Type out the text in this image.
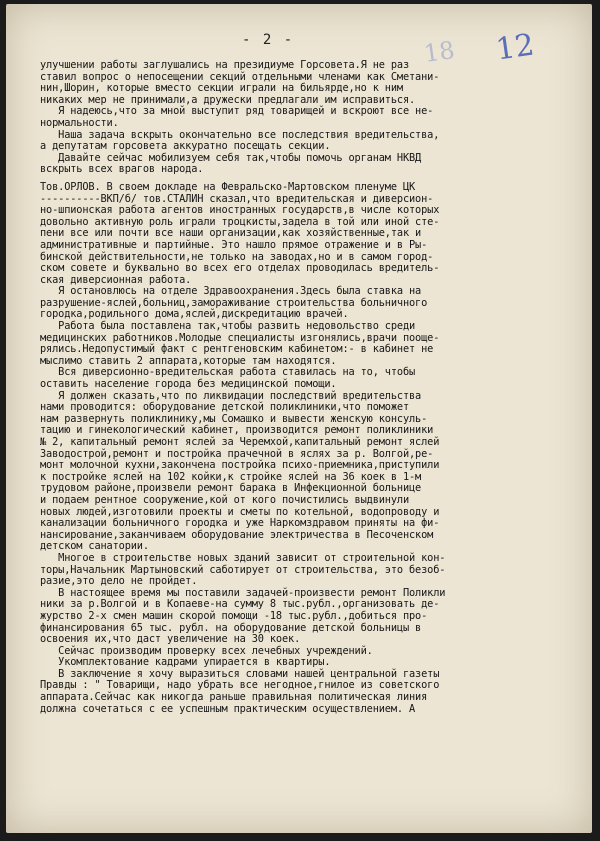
- 2 -	18 12
улучшении работы заглушались на президиуме Горсовета.Я не раз
ставил вопрос о непосещении секций отдельными членами как Сметани-
нин,Шорин, которые вместо секции играли на бильярде,но к ним
никаких мер не принимали,а дружески предлагали им исправиться.
Я надеюсь,что за мной выступит ряд товарищей и вскроют все не-
нормальности.
Наша задача вскрыть окончательно все последствия вредительства,
а депутатам горсовета аккуратно посещать секции.
Давайте сейчас мобилизуем себя так,чтобы помочь органам НКВД
вскрыть всех врагов народа.
Тов.ОРЛОВ. В своем докладе на Февральско-Мартовском пленуме ЦК
----------ВКП/б/ тов.СТАЛИН сказал,что вредительская и диверсион-
но-шпионская работа агентов иностранных государств,в числе которых
довольно активную роль играли троцкисты,задела в той или иной сте-
пени все или почти все наши организации,как хозяйственные,так и
административные и партийные. Это нашло прямое отражение и в Ры-
бинской действительности,не только на заводах,но и в самом город-
ском совете и буквально во всех его отделах проводилась вредитель-
ская диверсионная работа.
Я остановлюсь на отделе Здравоохранения.Здесь была ставка на
разрушение-яслей,больниц,замораживание строительства больничного
городка,родильного дома,яслей,дискредитацию врачей.
Работа была поставлена так,чтобы развить недовольство среди
медицинских работников.Молодые специалисты изгонялись,врачи пооще-
рялись.Недопустимый факт с рентгеновским кабинетом:- в кабинет не
мыслимо ставить 2 аппарата,которые там находятся.
Вся диверсионно-вредительская работа ставилась на то, чтобы
оставить население города без медицинской помощи.
Я должен сказать,что по ликвидации последствий вредительства
нами проводится: оборудование детской поликлиники,что поможет
нам развернуть поликлинику,мы Сомашко и вывести женскую консуль-
тацию и гинекологический кабинет, производится ремонт поликлиники
№ 2, капитальный ремонт яслей за Черемхой,капитальный ремонт яслей
Заводострой,ремонт и постройка прачечной в яслях за р. Волгой,ре-
монт молочной кухни,закончена постройка психо-приемника,приступили
к постройке яслей на 102 койки,к стройке яслей на 36 коек в 1-м
трудовом районе,произвели ремонт барака в Инфекционной больнице
и подаем рентное сооружение,кой от кого почистились выдвинули
новых людей,изготовили проекты и сметы по котельной, водопроводу и
канализации больничного городка и уже Наркомздравом приняты на фи-
нансирование,заканчиваем оборудование электричества в Песоченском
детском санатории.
Многое в строительстве новых зданий зависит от строительной кон-
торы,Начальник Мартыновский саботирует от строительства, это безоб-
разие,это дело не пройдет.
В настоящее время мы поставили задачей-произвести ремонт Поликли
ники за р.Волгой и в Копаеве-на сумму 8 тыс.рубл.,организовать де-
журство 2-х смен машин скорой помощи -18 тыс.рубл.,добиться про-
финансирования 65 тыс. рубл. на оборудование детской больницы в
освоения их,что даст увеличение на 30 коек.
Сейчас производим проверку всех лечебных учреждений.
Укомплектование кадрами упирается в квартиры.
В заключение я хочу выразиться словами нашей центральной газеты
Правды : " Товарищи, надо убрать все негодное,гнилое из советского
аппарата.Сейчас как никогда раньше правильная политическая линия
должна сочетаться с ее успешным практическим осуществлением. А
